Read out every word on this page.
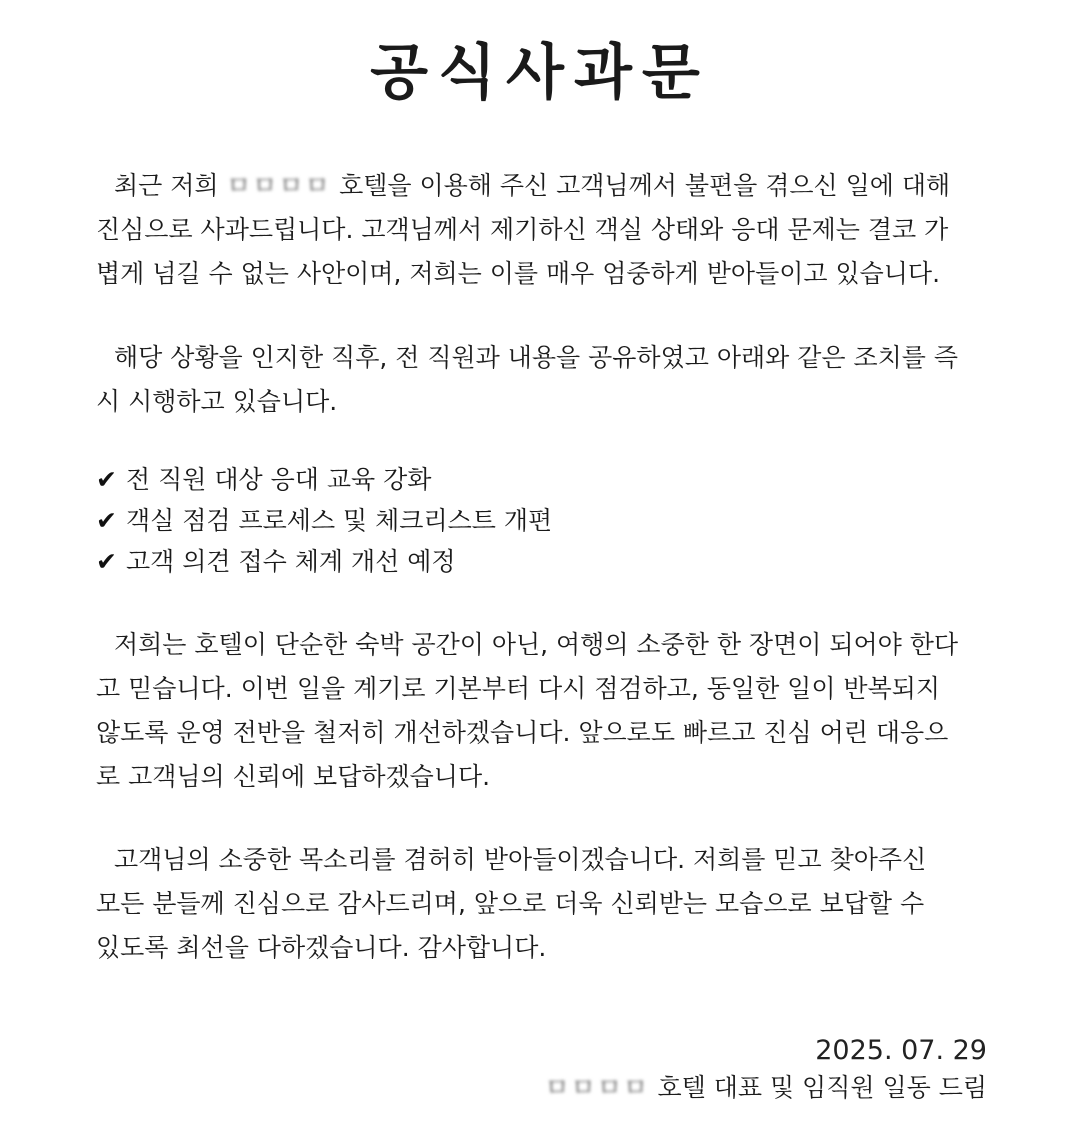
공식사과문
최근 저희 ㅁㅁㅁㅁ 호텔을 이용해 주신 고객님께서 불편을 겪으신 일에 대해
진심으로 사과드립니다. 고객님께서 제기하신 객실 상태와 응대 문제는 결코 가
볍게 넘길 수 없는 사안이며, 저희는 이를 매우 엄중하게 받아들이고 있습니다.
해당 상황을 인지한 직후, 전 직원과 내용을 공유하였고 아래와 같은 조치를 즉
시 시행하고 있습니다.
✔ 전 직원 대상 응대 교육 강화
✔ 객실 점검 프로세스 및 체크리스트 개편
✔ 고객 의견 접수 체계 개선 예정
저희는 호텔이 단순한 숙박 공간이 아닌, 여행의 소중한 한 장면이 되어야 한다
고 믿습니다. 이번 일을 계기로 기본부터 다시 점검하고, 동일한 일이 반복되지
않도록 운영 전반을 철저히 개선하겠습니다. 앞으로도 빠르고 진심 어린 대응으
로 고객님의 신뢰에 보답하겠습니다.
고객님의 소중한 목소리를 겸허히 받아들이겠습니다. 저희를 믿고 찾아주신
모든 분들께 진심으로 감사드리며, 앞으로 더욱 신뢰받는 모습으로 보답할 수
있도록 최선을 다하겠습니다. 감사합니다.
2025. 07. 29
ㅁㅁㅁㅁ 호텔 대표 및 임직원 일동 드림
